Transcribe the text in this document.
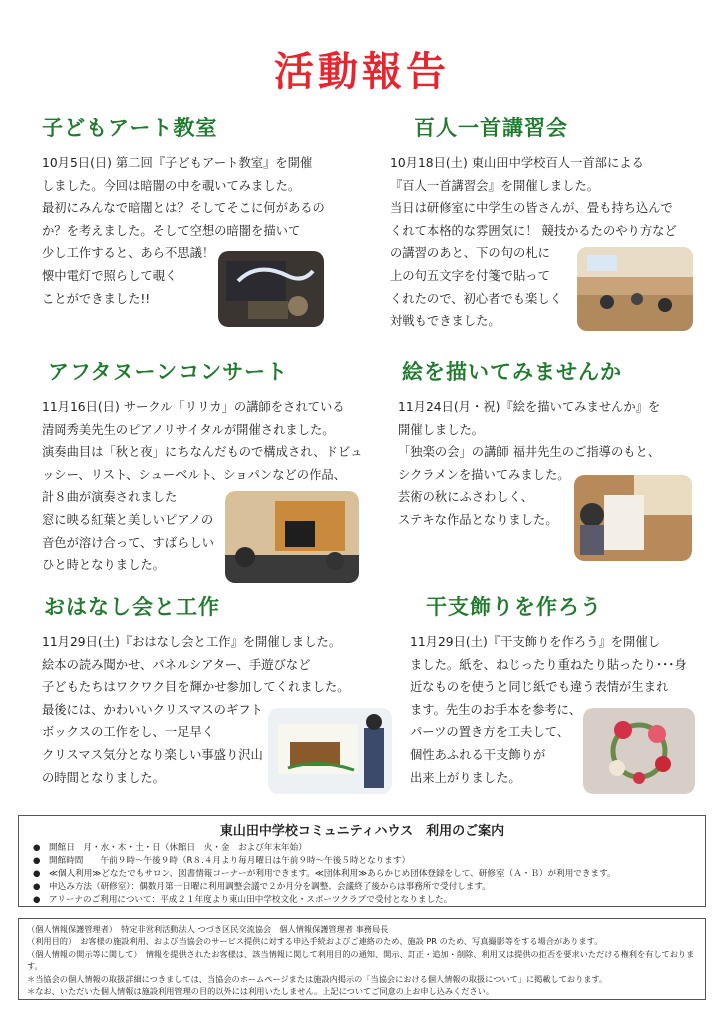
活動報告
子どもアート教室

10月5日(日) 第二回『子どもアート教室』を開催
しました。今回は暗闇の中を覗いてみました。
最初にみんなで暗闇とは？そしてそこに何があるの
か？を考えました。そして空想の暗闇を描いて
少し工作すると、あら不思議！
懐中電灯で照らして覗く
ことができました!!

百人一首講習会

10月18日(土) 東山田中学校百人一首部による
『百人一首講習会』を開催しました。
当日は研修室に中学生の皆さんが、畳も持ち込んで
くれて本格的な雰囲気に！ 競技かるたのやり方など
の講習のあと、下の句の札に
上の句五文字を付箋で貼って
くれたので、初心者でも楽しく
対戦もできました。

アフタヌーンコンサート

11月16日(日) サークル「リリカ」の講師をされている
清岡秀美先生のピアノリサイタルが開催されました。
演奏曲目は「秋と夜」にちなんだもので構成され、ドビュ
ッシー、リスト、シューベルト、ショパンなどの作品、
計８曲が演奏されました
窓に映る紅葉と美しいピアノの
音色が溶け合って、すばらしい
ひと時となりました。

絵を描いてみませんか

11月24日(月・祝)『絵を描いてみませんか』を
開催しました。
「独楽の会」の講師 福井先生のご指導のもと、
シクラメンを描いてみました。
芸術の秋にふさわしく、
ステキな作品となりました。

おはなし会と工作

11月29日(土)『おはなし会と工作』を開催しました。
絵本の読み聞かせ、パネルシアター、手遊びなど
子どもたちはワクワク目を輝かせ参加してくれました。
最後には、かわいいクリスマスのギフト
ボックスの工作をし、一足早く
クリスマス気分となり楽しい事盛り沢山
の時間となりました。

干支飾りを作ろう

11月29日(土)『干支飾りを作ろう』を開催し
ました。紙を、ねじったり重ねたり貼ったり･･･身
近なものを使うと同じ紙でも違う表情が生まれ
ます。先生のお手本を参考に、
パーツの置き方を工夫して、
個性あふれる干支飾りが
出来上がりました。

東山田中学校コミュニティハウス　利用のご案内
● 開館日　月・水・木・土・日（休館日　火・金　および年末年始）
● 開館時間　　午前９時〜午後９時（R８.４月より毎月曜日は午前９時〜午後５時となります）
● ≪個人利用≫どなたでもサロン、図書情報コーナーが利用できます。≪団体利用≫あらかじめ団体登録をして、研修室（Ａ・Ｂ）が利用できます。
● 申込み方法（研修室）：偶数月第一日曜に利用調整会議で２か月分を調整、会議終了後からは事務所で受付します。
● アリーナのご利用について：平成２１年度より東山田中学校文化・スポーツクラブで受付となりました。
（個人情報保護管理者）　特定非営利活動法人 つづき区民交流協会　個人情報保護管理者 事務局長
（利用目的）　お客様の施設利用、および当協会のサービス提供に対する申込手続およびご連絡のため、施設 PR のため、写真撮影等をする場合があります。
（個人情報の開示等に関して）　情報を提供されたお客様は、該当情報に関して利用目的の通知、開示、訂正・追加・削除、利用又は提供の拒否を要求いただける権利を有しております。
＊当協会の個人情報の取扱詳細につきましては、当協会のホームページまたは施設内掲示の「当協会における個人情報の取扱について」に掲載しております。
＊なお、いただいた個人情報は施設利用管理の目的以外には利用いたしません。上記についてご同意の上お申し込みください。
